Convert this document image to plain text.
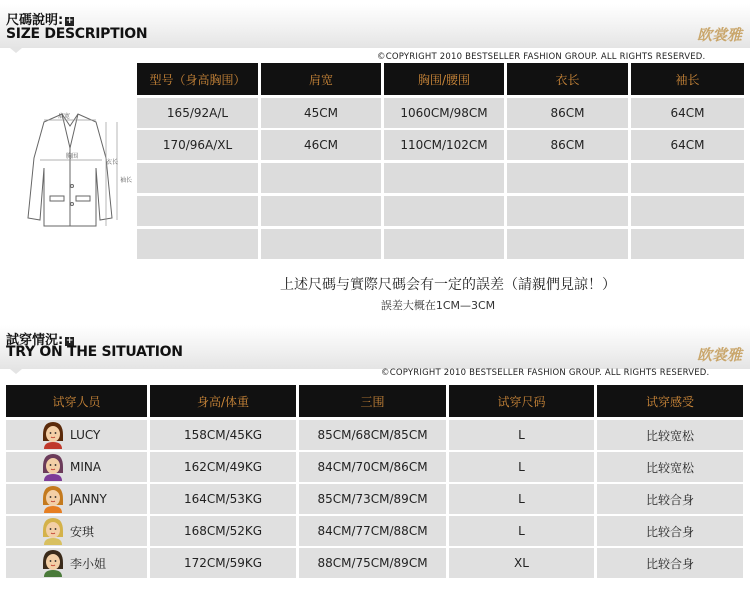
尺碼說明: +
SIZE DESCRIPTION	欧裳雅
©COPYRIGHT 2010 BESTSELLER FASHION GROUP. ALL RIGHTS RESERVED.
肩宽
胸围
衣长
袖长
型号（身高胸围）	肩宽	胸围/腰围	衣长	袖长
165/92A/L	45CM	1060CM/98CM	86CM	64CM
170/96A/XL	46CM	110CM/102CM	86CM	64CM
上述尺碼与實際尺碼会有一定的誤差（請親們見諒！）
誤差大概在1CM—3CM
試穿情況: +
TRY ON THE SITUATION	欧裳雅
©COPYRIGHT 2010 BESTSELLER FASHION GROUP. ALL RIGHTS RESERVED.
试穿人员	身高/体重	三围	试穿尺码	试穿感受
LUCY	158CM/45KG	85CM/68CM/85CM	L	比较宽松
MINA	162CM/49KG	84CM/70CM/86CM	L	比较宽松
JANNY	164CM/53KG	85CM/73CM/89CM	L	比较合身
安琪	168CM/52KG	84CM/77CM/88CM	L	比较合身
李小姐	172CM/59KG	88CM/75CM/89CM	XL	比较合身
